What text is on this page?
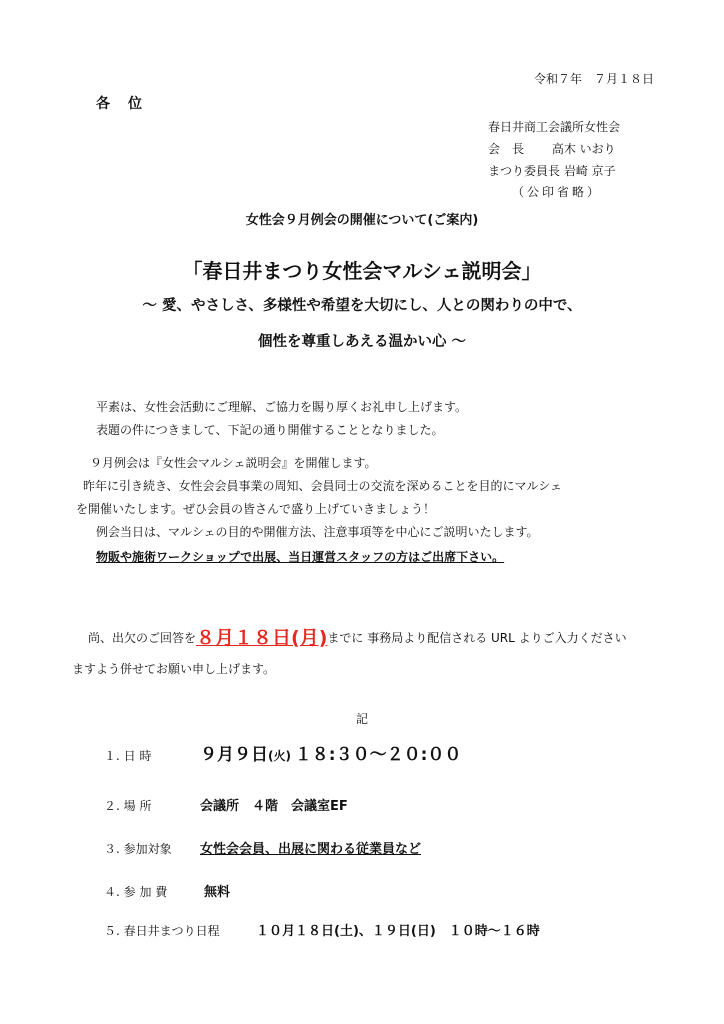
令和７年　７月１８日
各位
春日井商工会議所女性会
会　長　　 高木 いおり
まつり委員長 岩崎 京子
（公印省略）
女性会９月例会の開催について(ご案内)
「春日井まつり女性会マルシェ説明会」
～ 愛、やさしさ、多様性や希望を大切にし、人との関わりの中で、
個性を尊重しあえる温かい心 ～
平素は、女性会活動にご理解、ご協力を賜り厚くお礼申し上げます。
表題の件につきまして、下記の通り開催することとなりました。
９月例会は『女性会マルシェ説明会』を開催します。
昨年に引き続き、女性会会員事業の周知、会員同士の交流を深めることを目的にマルシェ
を開催いたします。ぜひ会員の皆さんで盛り上げていきましょう！
例会当日は、マルシェの目的や開催方法、注意事項等を中心にご説明いたします。
物販や施術ワークショップで出展、当日運営スタッフの方はご出席下さい。
尚、出欠のご回答を８月１８日(月)までに 事務局より配信される URL よりご入力ください
ますよう併せてお願い申し上げます。
記
１. 日 時	９月９日(火) １８:３０～２０:００
２. 場 所	会議所　４階　会議室EF
３. 参加対象 女性会会員、出展に関わる従業員など
４. 参 加 費	無料
５. 春日井まつり日程	１０月１８日(土)、１９日(日)　１０時～１６時
